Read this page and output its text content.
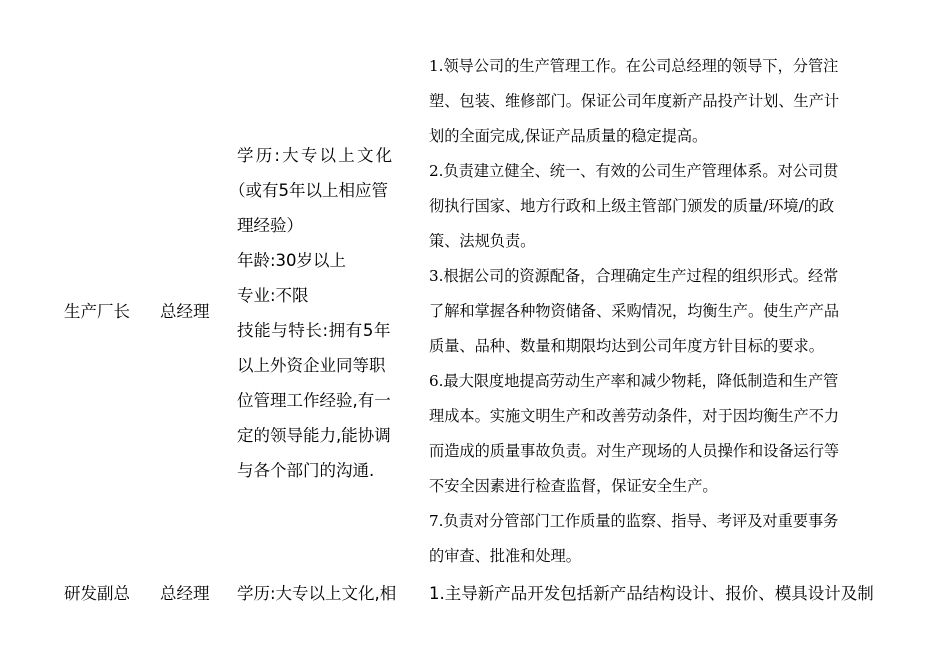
生产厂长 总经理
学历:大专以上文化
（或有5年以上相应管
理经验）
年龄:30岁以上
专业:不限
技能与特长:拥有5年
以上外资企业同等职
位管理工作经验,有一
定的领导能力,能协调
与各个部门的沟通.
1.领导公司的生产管理工作。在公司总经理的领导下，分管注
塑、包装、维修部门。保证公司年度新产品投产计划、生产计
划的全面完成,保证产品质量的稳定提高。
2.负责建立健全、统一、有效的公司生产管理体系。对公司贯
彻执行国家、地方行政和上级主管部门颁发的质量/环境/的政
策、法规负责。
3.根据公司的资源配备，合理确定生产过程的组织形式。经常
了解和掌握各种物资储备、采购情况，均衡生产。使生产产品
质量、品种、数量和期限均达到公司年度方针目标的要求。
6.最大限度地提高劳动生产率和减少物耗，降低制造和生产管
理成本。实施文明生产和改善劳动条件，对于因均衡生产不力
而造成的质量事故负责。对生产现场的人员操作和设备运行等
不安全因素进行检查监督，保证安全生产。
7.负责对分管部门工作质量的监察、指导、考评及对重要事务
的审查、批准和处理。
研发副总 总经理 学历:大专以上文化,相	1.主导新产品开发包括新产品结构设计、报价、模具设计及制
